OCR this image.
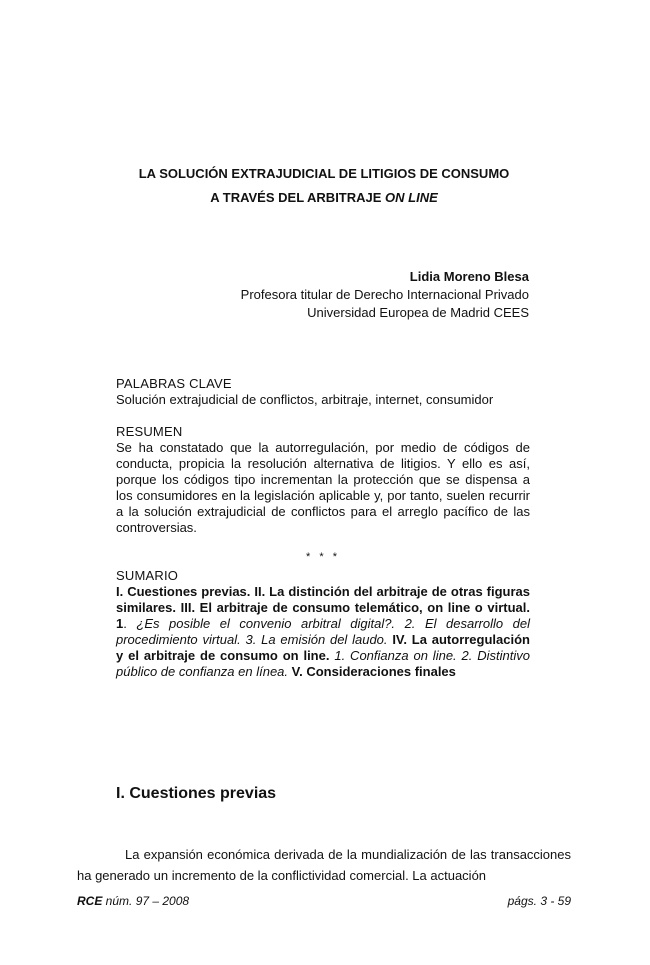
LA SOLUCIÓN EXTRAJUDICIAL DE LITIGIOS DE CONSUMO
A TRAVÉS DEL ARBITRAJE ON LINE
Lidia Moreno Blesa
Profesora titular de Derecho Internacional Privado
Universidad Europea de Madrid CEES
PALABRAS CLAVE
Solución extrajudicial de conflictos, arbitraje, internet, consumidor
RESUMEN
Se ha constatado que la autorregulación, por medio de códigos de conducta, propicia la resolución alternativa de litigios. Y ello es así, porque los códigos tipo incrementan la protección que se dispensa a los consumidores en la legislación aplicable y, por tanto, suelen recurrir a la solución extrajudicial de conflictos para el arreglo pacífico de las controversias.
* * *
SUMARIO
I. Cuestiones previas. II. La distinción del arbitraje de otras figuras similares. III. El arbitraje de consumo telemático, on line o virtual. 1. ¿Es posible el convenio arbitral digital?. 2. El desarrollo del procedimiento virtual. 3. La emisión del laudo. IV. La autorregulación y el arbitraje de consumo on line. 1. Confianza on line. 2. Distintivo público de confianza en línea. V. Consideraciones finales
I. Cuestiones previas
La expansión económica derivada de la mundialización de las transacciones ha generado un incremento de la conflictividad comercial. La actuación
RCE núm. 97 – 2008	págs. 3 - 59
